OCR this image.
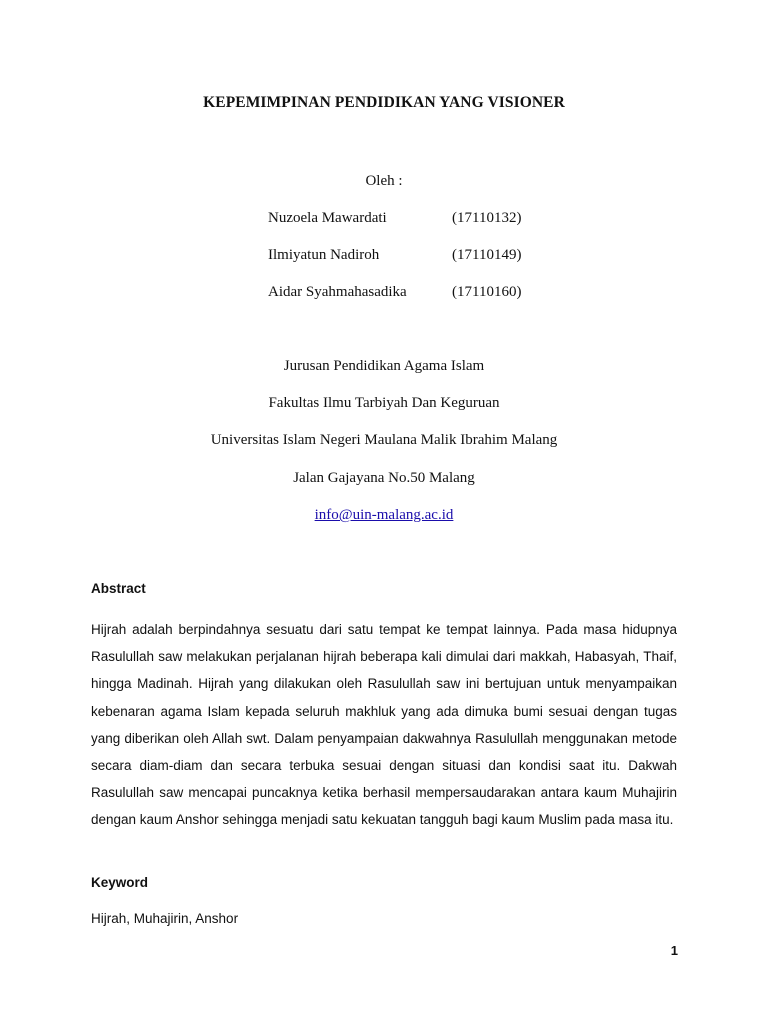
KEPEMIMPINAN PENDIDIKAN YANG VISIONER
Oleh :
Nuzoela Mawardati	(17110132)
Ilmiyatun Nadiroh	(17110149)
Aidar Syahmahasadika	(17110160)
Jurusan Pendidikan Agama Islam
Fakultas Ilmu Tarbiyah Dan Keguruan
Universitas Islam Negeri Maulana Malik Ibrahim Malang
Jalan Gajayana No.50 Malang
info@uin-malang.ac.id
Abstract

Hijrah adalah berpindahnya sesuatu dari satu tempat ke tempat lainnya. Pada masa hidupnya Rasulullah saw melakukan perjalanan hijrah beberapa kali dimulai dari makkah, Habasyah, Thaif, hingga Madinah. Hijrah yang dilakukan oleh Rasulullah saw ini bertujuan untuk menyampaikan kebenaran agama Islam kepada seluruh makhluk yang ada dimuka bumi sesuai dengan tugas yang diberikan oleh Allah swt. Dalam penyampaian dakwahnya Rasulullah menggunakan metode secara diam-diam dan secara terbuka sesuai dengan situasi dan kondisi saat itu. Dakwah Rasulullah saw mencapai puncaknya ketika berhasil mempersaudarakan antara kaum Muhajirin dengan kaum Anshor sehingga menjadi satu kekuatan tangguh bagi kaum Muslim pada masa itu.

Keyword
Hijrah, Muhajirin, Anshor
1
